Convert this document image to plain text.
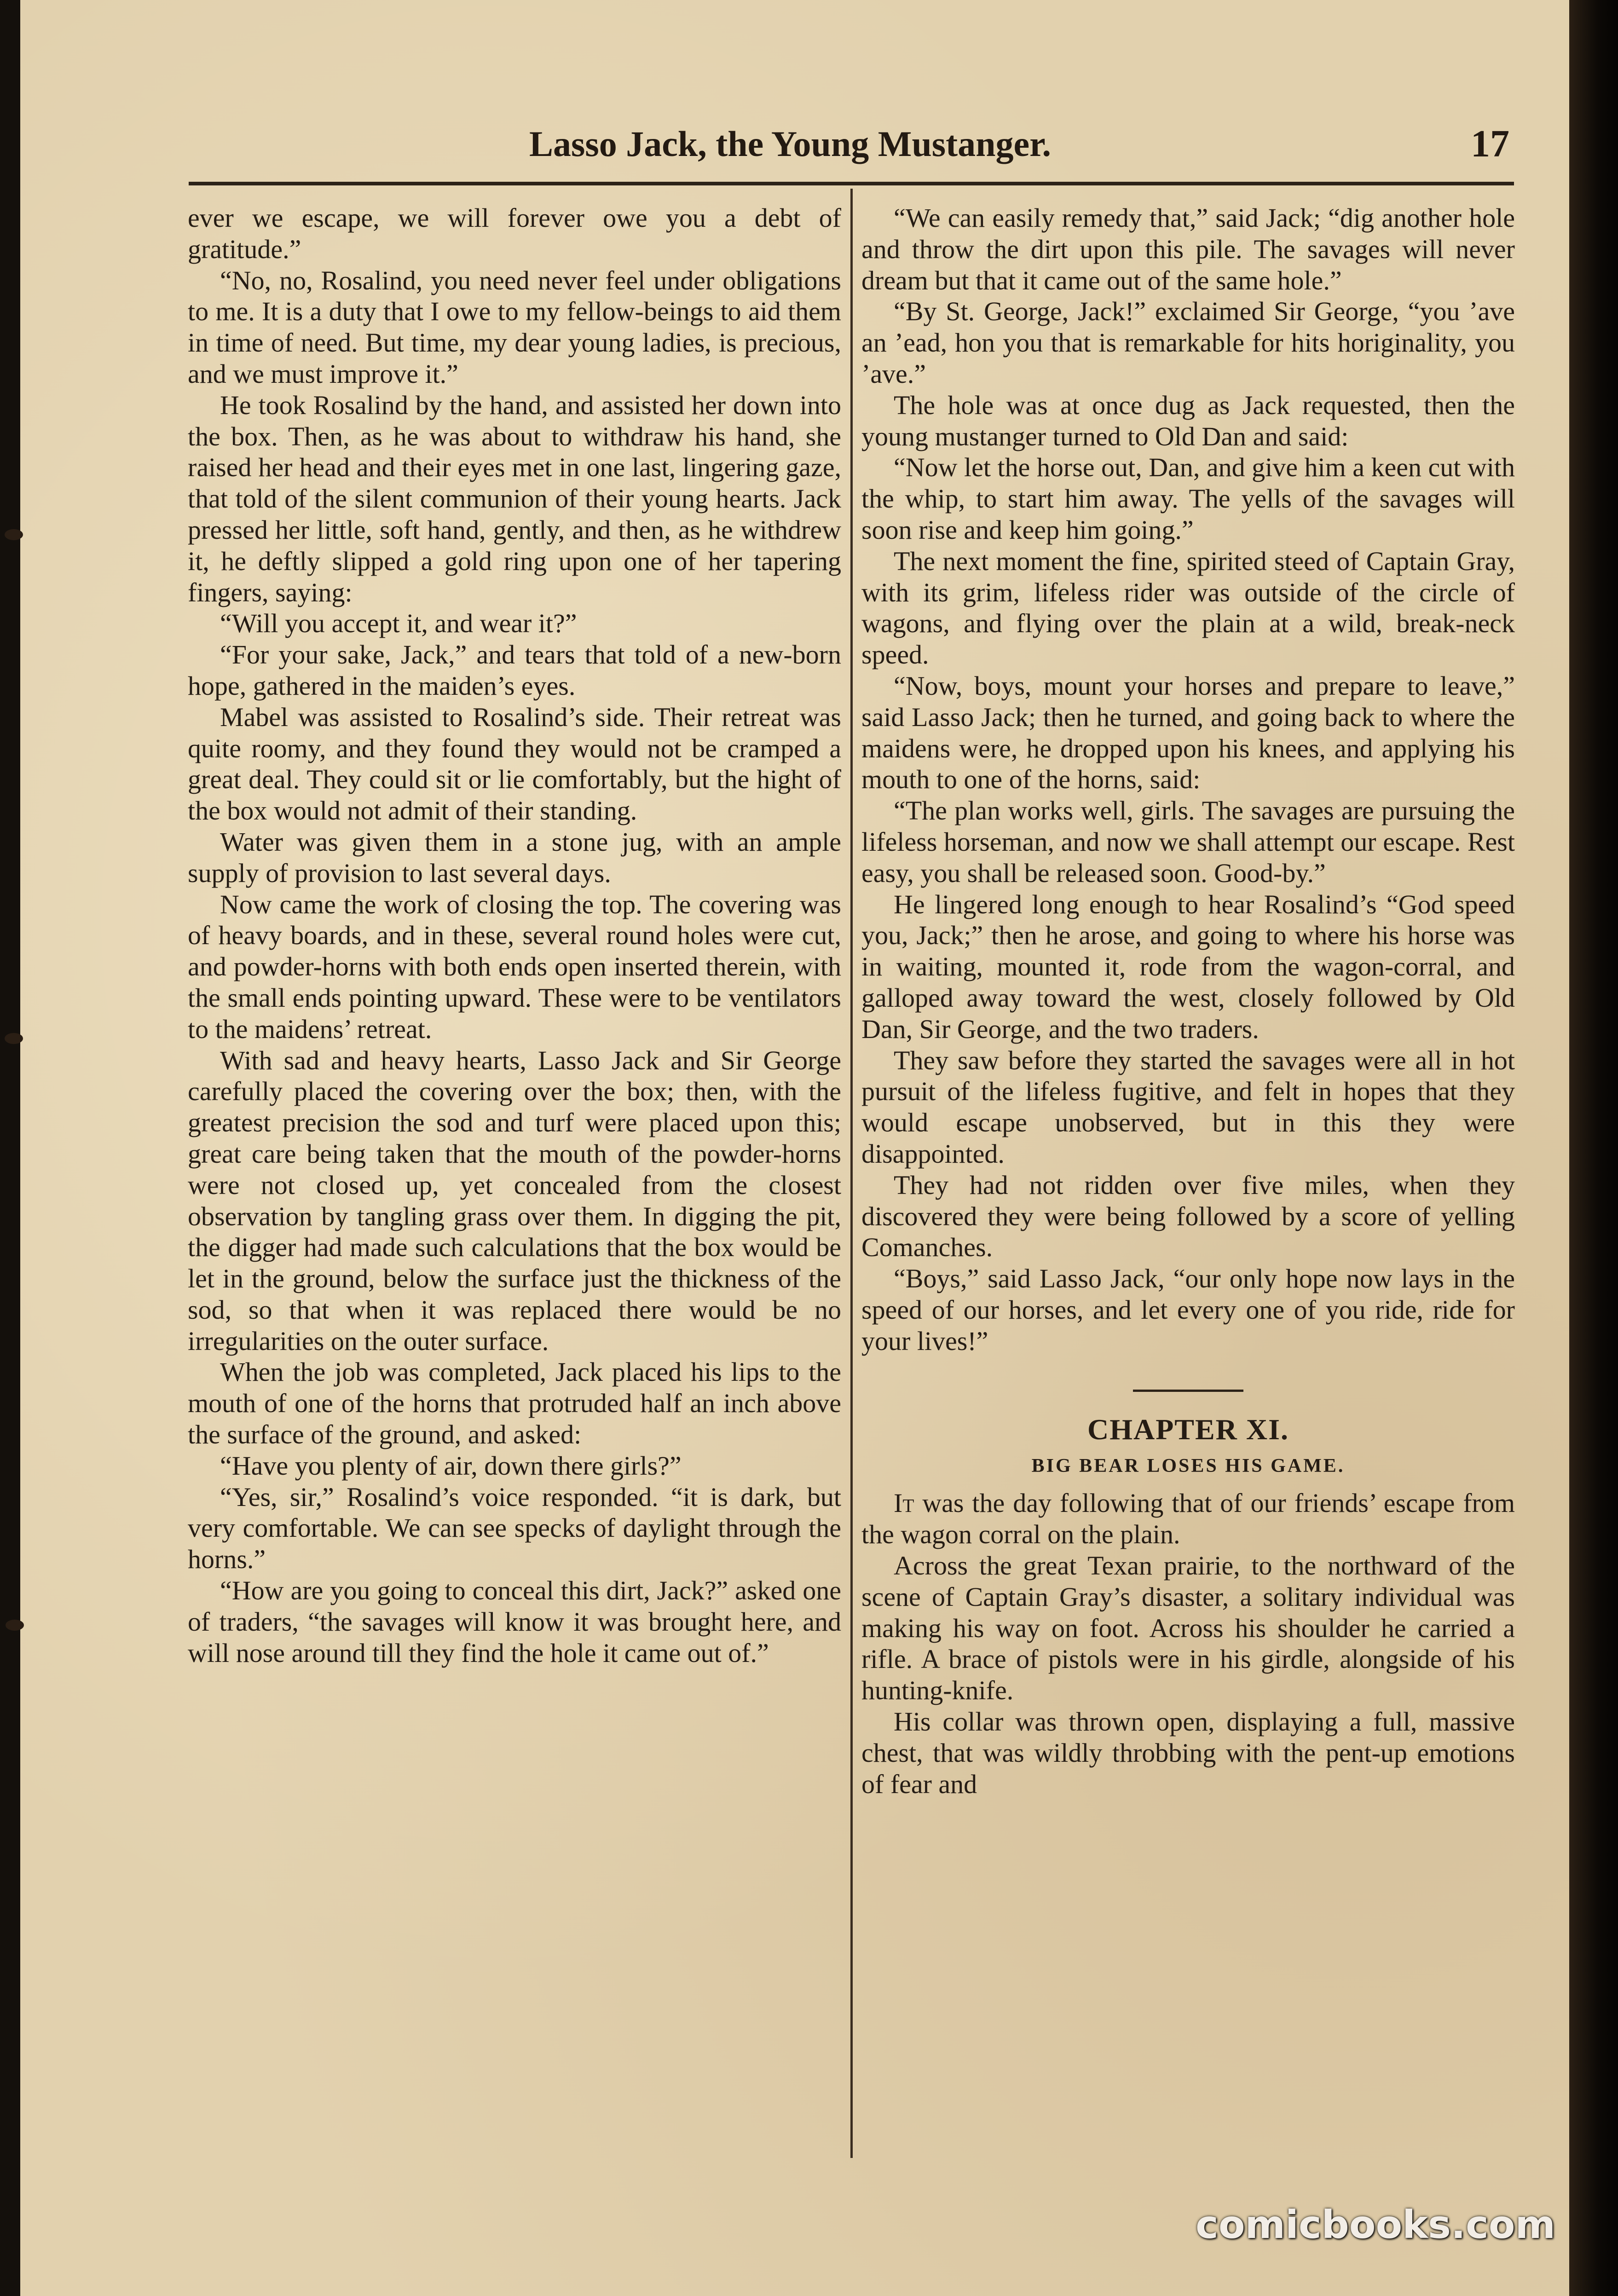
Lasso Jack, the Young Mustanger.	17

ever we escape, we will forever owe you a debt of gratitude.”

“No, no, Rosalind, you need never feel under obligations to me. It is a duty that I owe to my fellow-beings to aid them in time of need. But time, my dear young ladies, is precious, and we must improve it.”

He took Rosalind by the hand, and assisted her down into the box. Then, as he was about to withdraw his hand, she raised her head and their eyes met in one last, lingering gaze, that told of the silent communion of their young hearts. Jack pressed her little, soft hand, gently, and then, as he withdrew it, he deftly slipped a gold ring upon one of her tapering fingers, saying:

“Will you accept it, and wear it?”

“For your sake, Jack,” and tears that told of a new-born hope, gathered in the maiden’s eyes.

Mabel was assisted to Rosalind’s side. Their retreat was quite roomy, and they found they would not be cramped a great deal. They could sit or lie comfortably, but the hight of the box would not admit of their standing.

Water was given them in a stone jug, with an ample supply of provision to last several days.

Now came the work of closing the top. The covering was of heavy boards, and in these, several round holes were cut, and powder-horns with both ends open inserted therein, with the small ends pointing upward. These were to be ventilators to the maidens’ retreat.

With sad and heavy hearts, Lasso Jack and Sir George carefully placed the covering over the box; then, with the greatest precision the sod and turf were placed upon this; great care being taken that the mouth of the powder-horns were not closed up, yet concealed from the closest observation by tangling grass over them. In digging the pit, the digger had made such calculations that the box would be let in the ground, below the surface just the thickness of the sod, so that when it was replaced there would be no irregularities on the outer surface.

When the job was completed, Jack placed his lips to the mouth of one of the horns that protruded half an inch above the surface of the ground, and asked:

“Have you plenty of air, down there girls?”

“Yes, sir,” Rosalind’s voice responded. “it is dark, but very comfortable. We can see specks of daylight through the horns.”

“How are you going to conceal this dirt, Jack?” asked one of traders, “the savages will know it was brought here, and will nose around till they find the hole it came out of.”

“We can easily remedy that,” said Jack; “dig another hole and throw the dirt upon this pile. The savages will never dream but that it came out of the same hole.”

“By St. George, Jack!” exclaimed Sir George, “you ’ave an ’ead, hon you that is remarkable for hits horiginality, you ’ave.”

The hole was at once dug as Jack requested, then the young mustanger turned to Old Dan and said:

“Now let the horse out, Dan, and give him a keen cut with the whip, to start him away. The yells of the savages will soon rise and keep him going.”

The next moment the fine, spirited steed of Captain Gray, with its grim, lifeless rider was outside of the circle of wagons, and flying over the plain at a wild, break-neck speed.

“Now, boys, mount your horses and prepare to leave,” said Lasso Jack; then he turned, and going back to where the maidens were, he dropped upon his knees, and applying his mouth to one of the horns, said:

“The plan works well, girls. The savages are pursuing the lifeless horseman, and now we shall attempt our escape. Rest easy, you shall be released soon. Good-by.”

He lingered long enough to hear Rosalind’s “God speed you, Jack;” then he arose, and going to where his horse was in waiting, mounted it, rode from the wagon-corral, and galloped away toward the west, closely followed by Old Dan, Sir George, and the two traders.

They saw before they started the savages were all in hot pursuit of the lifeless fugitive, and felt in hopes that they would escape unobserved, but in this they were disappointed.

They had not ridden over five miles, when they discovered they were being followed by a score of yelling Comanches.

“Boys,” said Lasso Jack, “our only hope now lays in the speed of our horses, and let every one of you ride, ride for your lives!”

CHAPTER XI.
BIG BEAR LOSES HIS GAME.

It was the day following that of our friends’ escape from the wagon corral on the plain.

Across the great Texan prairie, to the northward of the scene of Captain Gray’s disaster, a solitary individual was making his way on foot. Across his shoulder he carried a rifle. A brace of pistols were in his girdle, alongside of his hunting-knife.

His collar was thrown open, displaying a full, massive chest, that was wildly throbbing with the pent-up emotions of fear and

comicbooks.com
